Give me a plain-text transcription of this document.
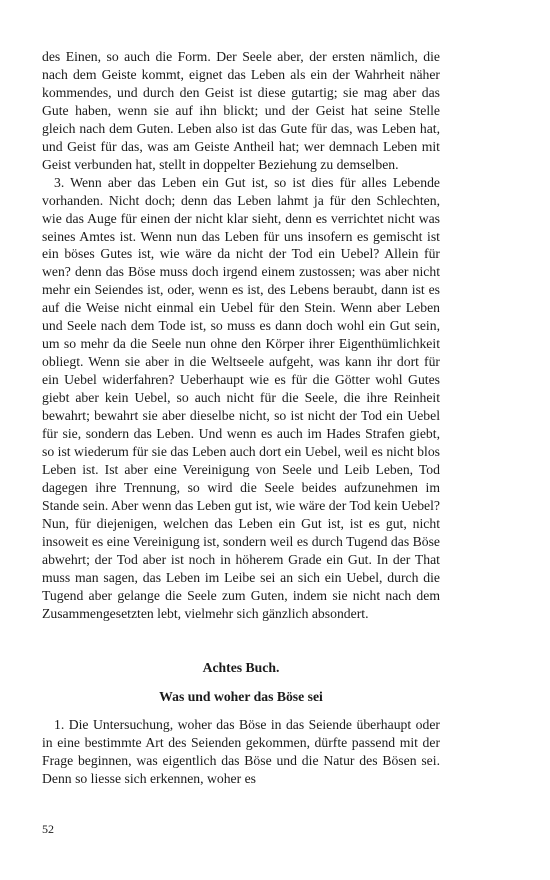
des Einen, so auch die Form. Der Seele aber, der ersten nämlich, die nach dem Geiste kommt, eignet das Leben als ein der Wahrheit näher kommendes, und durch den Geist ist diese gutartig; sie mag aber das Gute haben, wenn sie auf ihn blickt; und der Geist hat seine Stelle gleich nach dem Guten. Leben also ist das Gute für das, was Leben hat, und Geist für das, was am Geiste Antheil hat; wer demnach Leben mit Geist verbunden hat, stellt in doppelter Beziehung zu demselben.

3. Wenn aber das Leben ein Gut ist, so ist dies für alles Lebende vorhanden. Nicht doch; denn das Leben lahmt ja für den Schlechten, wie das Auge für einen der nicht klar sieht, denn es verrichtet nicht was seines Amtes ist. Wenn nun das Leben für uns insofern es gemischt ist ein böses Gutes ist, wie wäre da nicht der Tod ein Uebel? Allein für wen? denn das Böse muss doch irgend einem zustossen; was aber nicht mehr ein Seiendes ist, oder, wenn es ist, des Lebens beraubt, dann ist es auf die Weise nicht einmal ein Uebel für den Stein. Wenn aber Leben und Seele nach dem Tode ist, so muss es dann doch wohl ein Gut sein, um so mehr da die Seele nun ohne den Körper ihrer Eigenthümlichkeit obliegt. Wenn sie aber in die Weltseele aufgeht, was kann ihr dort für ein Uebel widerfahren? Ueberhaupt wie es für die Götter wohl Gutes giebt aber kein Uebel, so auch nicht für die Seele, die ihre Reinheit bewahrt; bewahrt sie aber dieselbe nicht, so ist nicht der Tod ein Uebel für sie, sondern das Leben. Und wenn es auch im Hades Strafen giebt, so ist wiederum für sie das Leben auch dort ein Uebel, weil es nicht blos Leben ist. Ist aber eine Vereinigung von Seele und Leib Leben, Tod dagegen ihre Trennung, so wird die Seele beides aufzunehmen im Stande sein. Aber wenn das Leben gut ist, wie wäre der Tod kein Uebel? Nun, für diejenigen, welchen das Leben ein Gut ist, ist es gut, nicht insoweit es eine Vereinigung ist, sondern weil es durch Tugend das Böse abwehrt; der Tod aber ist noch in höherem Grade ein Gut. In der That muss man sagen, das Leben im Leibe sei an sich ein Uebel, durch die Tugend aber gelange die Seele zum Guten, indem sie nicht nach dem Zusammengesetzten lebt, vielmehr sich gänzlich absondert.

Achtes Buch.

Was und woher das Böse sei

1. Die Untersuchung, woher das Böse in das Seiende überhaupt oder in eine bestimmte Art des Seienden gekommen, dürfte passend mit der Frage beginnen, was eigentlich das Böse und die Natur des Bösen sei. Denn so liesse sich erkennen, woher es

52
